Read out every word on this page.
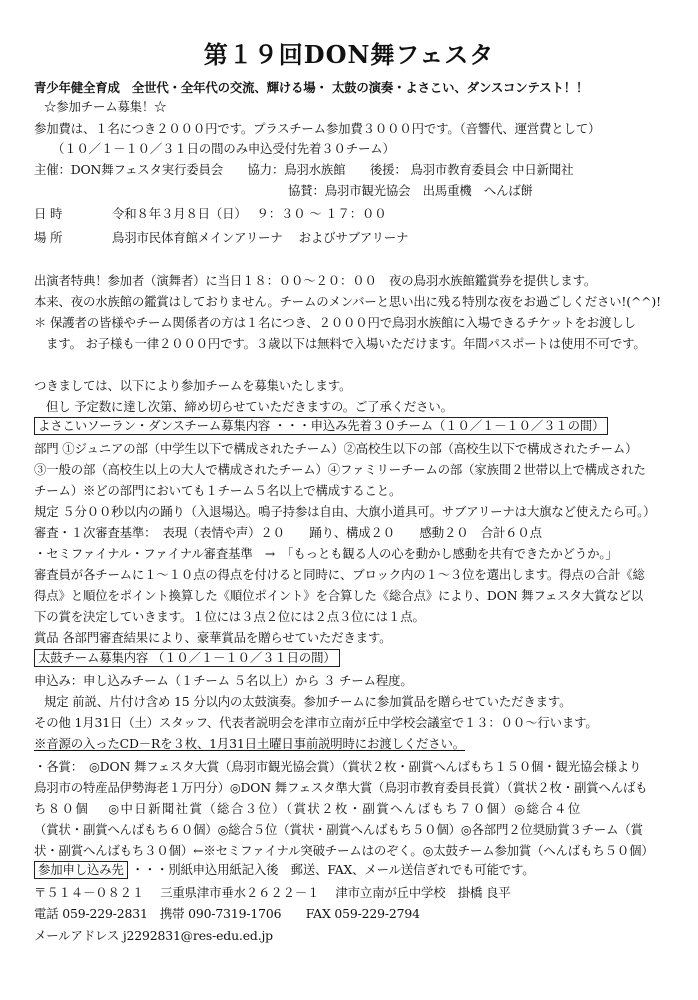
第１９回DON舞フェスタ

青少年健全育成　全世代・全年代の交流、輝ける場・ 太鼓の演奏・よさこい、ダンスコンテスト！！

☆参加チーム募集！☆

参加費は、１名につき２０００円です。プラスチーム参加費３０００円です。（音響代、運営費として）

（１０／１－１０／３１日の間のみ申込受付先着３０チーム）

主催：DON舞フェスタ実行委員会　　協力：鳥羽水族館　　後援： 鳥羽市教育委員会 中日新聞社

協賛：鳥羽市観光協会　出馬重機　へんば餅

日 時	令和８年３月８日（日）　 ９：３０ ～ １７：００

場 所	鳥羽市民体育館メインアリーナ　 およびサブアリーナ

出演者特典！参加者（演舞者）に当日１８：００～２０：００　夜の鳥羽水族館鑑賞券を提供します。

本来、夜の水族館の鑑賞はしておりません。チームのメンバーと思い出に残る特別な夜をお過ごしください!(^^)!

＊ 保護者の皆様やチーム関係者の方は１名につき、２０００円で鳥羽水族館に入場できるチケットをお渡しし

ます。 お子様も一律２０００円です。３歳以下は無料で入場いただけます。年間パスポートは使用不可です。

つきましては、以下により参加チームを募集いたします。

但し 予定数に達し次第、締め切らせていただきますの。ご了承ください。

よさこいソーラン・ダンスチーム募集内容 ・・・申込み先着３０チーム（１０／１－１０／３１の間）

部門 ①ジュニアの部（中学生以下で構成されたチーム）②高校生以下の部（高校生以下で構成されたチーム）

③一般の部（高校生以上の大人で構成されたチーム）④ファミリーチームの部（家族間２世帯以上で構成された

チーム）※どの部門においても１チーム５名以上で構成すること。

規定 ５分００秒以内の踊り（入退場込。鳴子持参は自由、大旗小道具可。サブアリーナは大旗など使えたら可。）

審査・１次審査基準：　表現（表情や声）２０　　踊り、構成２０　　感動２０　合計６０点

・セミファイナル・ファイナル審査基準　→　「もっとも観る人の心を動かし感動を共有できたかどうか。」

審査員が各チームに１～１０点の得点を付けると同時に、ブロック内の１～３位を選出します。得点の合計《総

得点》と順位をポイント換算した《順位ポイント》を合算した《総合点》により、DON 舞フェスタ大賞など以

下の賞を決定していきます。１位には３点２位には２点３位には１点。

賞品 各部門審査結果により、豪華賞品を贈らせていただきます。

太鼓チーム募集内容 （１０／１－１０／３１日の間）

申込み：申し込みチーム（１チーム ５名以上）から ３ チーム程度。

規定 前説、片付け含め 15 分以内の太鼓演奏。参加チームに参加賞品を贈らせていただきます。

その他 1月31日（土）スタッフ、代表者説明会を津市立南が丘中学校会議室で１３：００～行います。

※音源の入ったCD－Rを３枚、1月31日土曜日事前説明時にお渡しください。

・各賞：　◎DON 舞フェスタ大賞（鳥羽市観光協会賞）（賞状２枚・副賞へんばもち１５０個・観光協会様より

鳥羽市の特産品伊勢海老１万円分）◎DON 舞フェスタ準大賞（鳥羽市教育委員長賞）（賞状２枚・副賞へんばも

ち８０個　 ◎中日新聞社賞（総合３位）（賞状２枚・副賞へんばもち７０個）◎総合４位

（賞状・副賞へんばもち６０個）◎総合５位（賞状・副賞へんばもち５０個）◎各部門２位奨励賞３チーム（賞

状・副賞へんばもち３０個）←※セミファイナル突破チームはのぞく。◎太鼓チーム参加賞（へんばもち５０個）

参加申し込み先 ・・・別紙申込用紙記入後　郵送、FAX、メール送信ぎれでも可能です。

〒５１４－０８２１　 三重県津市垂水２６２２－１　 津市立南が丘中学校　掛橋 良平

電話 059-229-2831　携帯 090-7319-1706　　FAX 059-229-2794

メールアドレス j2292831@res-edu.ed.jp
